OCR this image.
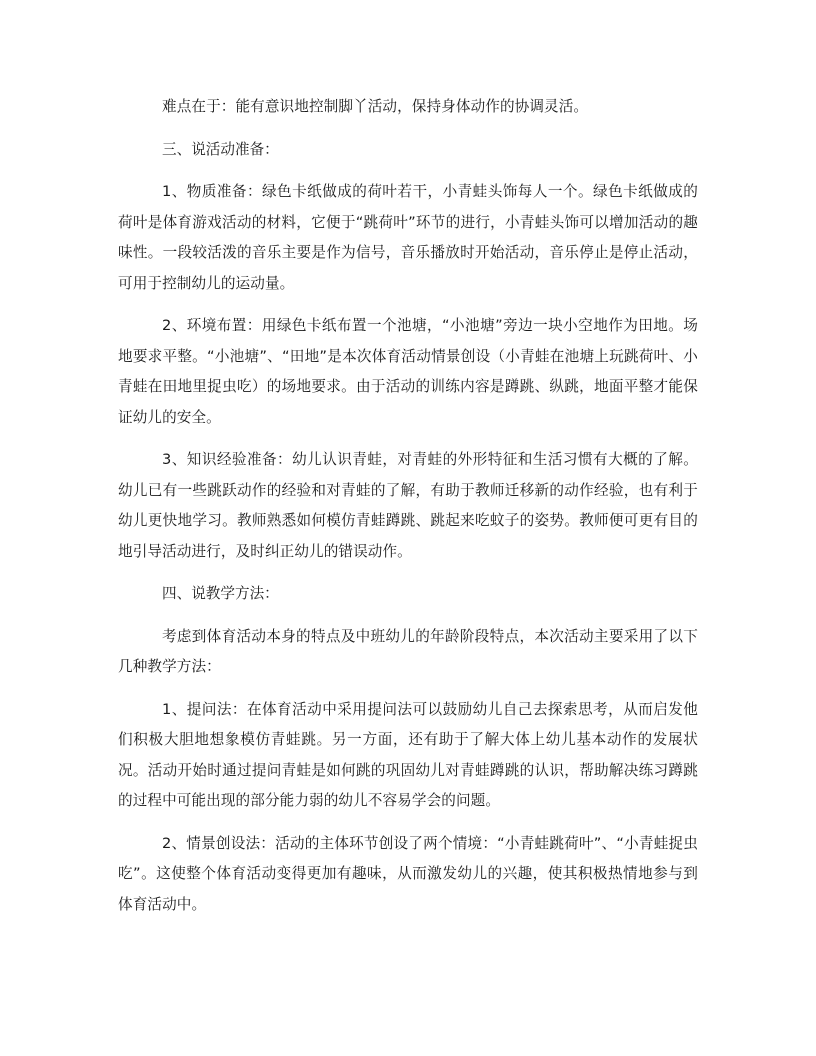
难点在于：能有意识地控制脚丫活动，保持身体动作的协调灵活。

三、说活动准备：

1、物质准备：绿色卡纸做成的荷叶若干，小青蛙头饰每人一个。绿色卡纸做成的荷叶是体育游戏活动的材料，它便于“跳荷叶”环节的进行，小青蛙头饰可以增加活动的趣味性。一段较活泼的音乐主要是作为信号，音乐播放时开始活动，音乐停止是停止活动，可用于控制幼儿的运动量。

2、环境布置：用绿色卡纸布置一个池塘，“小池塘”旁边一块小空地作为田地。场地要求平整。“小池塘”、“田地”是本次体育活动情景创设（小青蛙在池塘上玩跳荷叶、小青蛙在田地里捉虫吃）的场地要求。由于活动的训练内容是蹲跳、纵跳，地面平整才能保证幼儿的安全。

3、知识经验准备：幼儿认识青蛙，对青蛙的外形特征和生活习惯有大概的了解。幼儿已有一些跳跃动作的经验和对青蛙的了解，有助于教师迁移新的动作经验，也有利于幼儿更快地学习。教师熟悉如何模仿青蛙蹲跳、跳起来吃蚊子的姿势。教师便可更有目的地引导活动进行，及时纠正幼儿的错误动作。

四、说教学方法：

考虑到体育活动本身的特点及中班幼儿的年龄阶段特点，本次活动主要采用了以下几种教学方法：

1、提问法：在体育活动中采用提问法可以鼓励幼儿自己去探索思考，从而启发他们积极大胆地想象模仿青蛙跳。另一方面，还有助于了解大体上幼儿基本动作的发展状况。活动开始时通过提问青蛙是如何跳的巩固幼儿对青蛙蹲跳的认识，帮助解决练习蹲跳的过程中可能出现的部分能力弱的幼儿不容易学会的问题。

2、情景创设法：活动的主体环节创设了两个情境：“小青蛙跳荷叶”、“小青蛙捉虫吃”。这使整个体育活动变得更加有趣味，从而激发幼儿的兴趣，使其积极热情地参与到体育活动中。
